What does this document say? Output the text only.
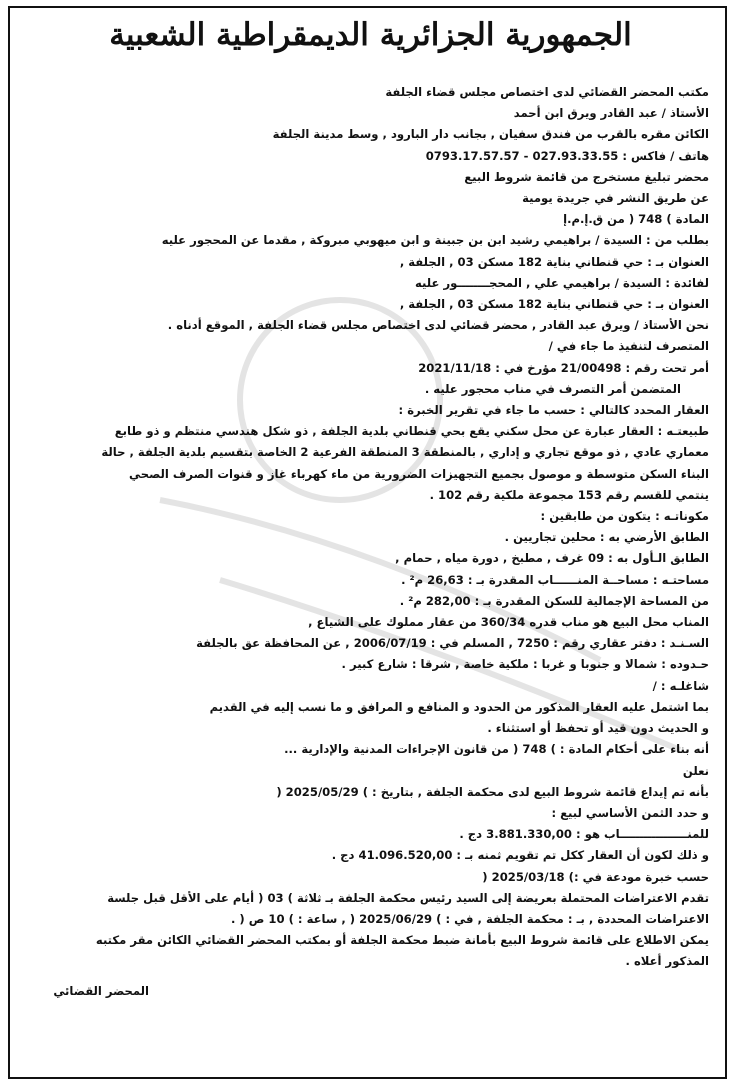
الجمهورية الجزائرية الديمقراطية الشعبية
مكتب المحضر القضائي لدى اختصاص مجلس قضاء الجلفة
الأستاذ / عبد القادر ويرق ابن أحمد
الكائن مقره بالقرب من فندق سفيان , بجانب دار البارود , وسط مدينة الجلفة
هاتف / فاكس : 027.93.33.55 - 0793.17.57.57
محضر تبليغ مستخرج من قائمة شروط البيع
عن طريق النشر في جريدة يومية
المادة ) 748 ( من ق.إ.م.إ
بطلب من : السيدة / براهيمي رشيد ابن بن جبينة و ابن ميهوبي مبروكة , مقدما عن المحجور عليه
العنوان بـ : حي قنطاني بناية 182 مسكن 03 , الجلفة ,
لفائدة : السيدة / براهيمي علي , المحجــــــــور عليه
العنوان بـ : حي قنطاني بناية 182 مسكن 03 , الجلفة ,
نحن الأستاذ / ويرق عبد القادر , محضر قضائي لدى اختصاص مجلس قضاء الجلفة , الموقع أدناه .
المتصرف لتنفيذ ما جاء في /
أمر تحت رقم : 21/00498 مؤرخ في : 2021/11/18
المتضمن أمر التصرف في مناب محجور عليه .
العقار المحدد كالتالي : حسب ما جاء في تقرير الخبرة :
طبيعتـه : العقار عبارة عن محل سكني يقع بحي قنطاني بلدية الجلفة , ذو شكل هندسي منتظم و ذو طابع
معماري عادي , ذو موقع تجاري و إداري , بالمنطقة 3 المنطقة الفرعية 2 الخاصة بتقسيم بلدية الجلفة , حالة
البناء السكن متوسطة و موصول بجميع التجهيزات الضرورية من ماء كهرباء غاز و قنوات الصرف الصحي
ينتمي للقسم رقم 153 مجموعة ملكية رقم 102 .
مكوناتـه : يتكون من طابقين :
الطابق الأرضي به : محلين تجاريين .
الطابق الـأول به : 09 غرف , مطبخ , دورة مياه , حمام ,
مساحتـه : مساحــة المنــــــاب المقدرة بـ : 26,63 م² .
من المساحة الإجمالية للسكن المقدرة بـ : 282,00 م² .
المناب محل البيع هو مناب قدره 360/34 من عقار مملوك على الشياع ,
السـنـد : دفتر عقاري رقم : 7250 , المسلم في : 2006/07/19 , عن المحافظة عق بالجلفة
حـدوده : شمالا و جنوبا و غربا : ملكية خاصة , شرقا : شارع كبير .
شاغلـه : /
بما اشتمل عليه العقار المذكور من الحدود و المنافع و المرافق و ما نسب إليه في القديم
و الحديث دون قيد أو تحفظ أو استثناء .
أنه بناء على أحكام المادة : ) 748 ( من قانون الإجراءات المدنية والإدارية ...
نعلن
بأنه تم إيداع قائمة شروط البيع لدى محكمة الجلفة , بتاريخ : ) 2025/05/29 (
و حدد الثمن الأساسي لبيع :
للمنـــــــــــــــــاب هو : 3.881.330,00 دج .
و ذلك لكون أن العقار ككل تم تقويم ثمنه بـ : 41.096.520,00 دج .
حسب خبرة مودعة في :) 2025/03/18 (
تقدم الاعتراضات المحتملة بعريضة إلى السيد رئيس محكمة الجلفة بـ ثلاثة ) 03 ( أيام على الأقل قبل جلسة
الاعتراضات المحددة , بـ : محكمة الجلفة , في : ) 2025/06/29 ( , ساعة : ) 10 ص ( .
يمكن الاطلاع على قائمة شروط البيع بأمانة ضبط محكمة الجلفة أو بمكتب المحضر القضائي الكائن مقر مكتبه
المذكور أعلاه .
المحضر القضائي
